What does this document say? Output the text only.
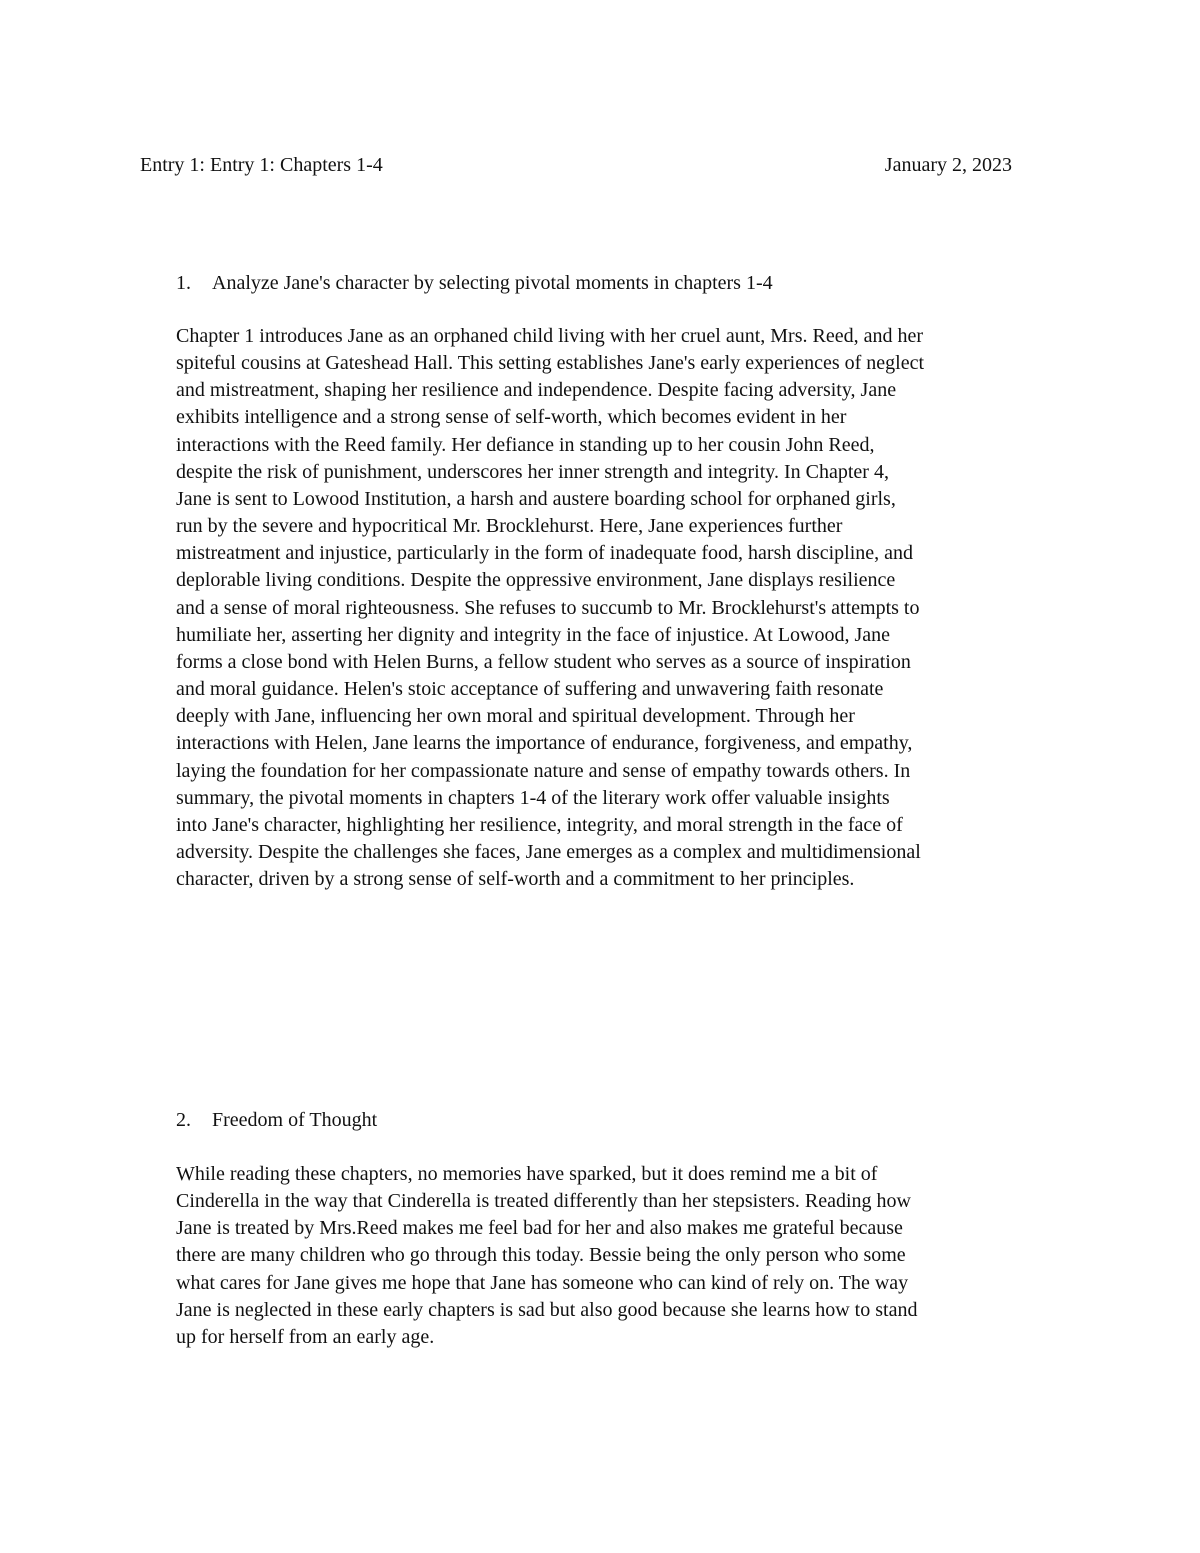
Entry 1: Entry 1: Chapters 1-4	January 2, 2023
1. Analyze Jane's character by selecting pivotal moments in chapters 1-4
Chapter 1 introduces Jane as an orphaned child living with her cruel aunt, Mrs. Reed, and her
spiteful cousins at Gateshead Hall. This setting establishes Jane's early experiences of neglect
and mistreatment, shaping her resilience and independence. Despite facing adversity, Jane
exhibits intelligence and a strong sense of self-worth, which becomes evident in her
interactions with the Reed family. Her defiance in standing up to her cousin John Reed,
despite the risk of punishment, underscores her inner strength and integrity. In Chapter 4,
Jane is sent to Lowood Institution, a harsh and austere boarding school for orphaned girls,
run by the severe and hypocritical Mr. Brocklehurst. Here, Jane experiences further
mistreatment and injustice, particularly in the form of inadequate food, harsh discipline, and
deplorable living conditions. Despite the oppressive environment, Jane displays resilience
and a sense of moral righteousness. She refuses to succumb to Mr. Brocklehurst's attempts to
humiliate her, asserting her dignity and integrity in the face of injustice. At Lowood, Jane
forms a close bond with Helen Burns, a fellow student who serves as a source of inspiration
and moral guidance. Helen's stoic acceptance of suffering and unwavering faith resonate
deeply with Jane, influencing her own moral and spiritual development. Through her
interactions with Helen, Jane learns the importance of endurance, forgiveness, and empathy,
laying the foundation for her compassionate nature and sense of empathy towards others. In
summary, the pivotal moments in chapters 1-4 of the literary work offer valuable insights
into Jane's character, highlighting her resilience, integrity, and moral strength in the face of
adversity. Despite the challenges she faces, Jane emerges as a complex and multidimensional
character, driven by a strong sense of self-worth and a commitment to her principles.
2. Freedom of Thought
While reading these chapters, no memories have sparked, but it does remind me a bit of
Cinderella in the way that Cinderella is treated differently than her stepsisters. Reading how
Jane is treated by Mrs.Reed makes me feel bad for her and also makes me grateful because
there are many children who go through this today. Bessie being the only person who some
what cares for Jane gives me hope that Jane has someone who can kind of rely on. The way
Jane is neglected in these early chapters is sad but also good because she learns how to stand
up for herself from an early age.
